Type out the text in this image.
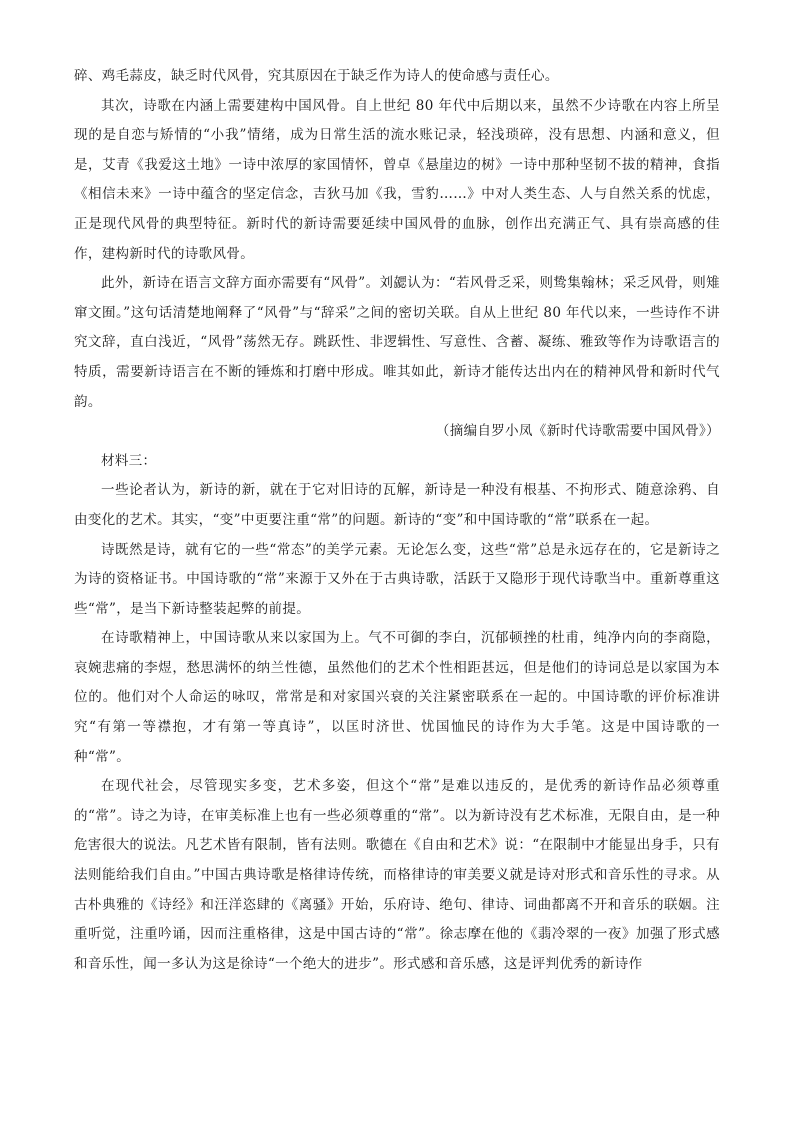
碎、鸡毛蒜皮，缺乏时代风骨，究其原因在于缺乏作为诗人的使命感与责任心。

其次，诗歌在内涵上需要建构中国风骨。自上世纪 80 年代中后期以来，虽然不少诗歌在内容上所呈现的是自恋与矫情的“小我”情绪，成为日常生活的流水账记录，轻浅琐碎，没有思想、内涵和意义，但是，艾青《我爱这土地》一诗中浓厚的家国情怀，曾卓《悬崖边的树》一诗中那种坚韧不拔的精神，食指《相信未来》一诗中蕴含的坚定信念，吉狄马加《我，雪豹……》中对人类生态、人与自然关系的忧虑，正是现代风骨的典型特征。新时代的新诗需要延续中国风骨的血脉，创作出充满正气、具有崇高感的佳作，建构新时代的诗歌风骨。

此外，新诗在语言文辞方面亦需要有“风骨”。刘勰认为：“若风骨乏采，则鸷集翰林；采乏风骨，则雉窜文囿。”这句话清楚地阐释了“风骨”与“辞采”之间的密切关联。自从上世纪 80 年代以来，一些诗作不讲究文辞，直白浅近，“风骨”荡然无存。跳跃性、非逻辑性、写意性、含蓄、凝练、雅致等作为诗歌语言的特质，需要新诗语言在不断的锤炼和打磨中形成。唯其如此，新诗才能传达出内在的精神风骨和新时代气韵。

（摘编自罗小凤《新时代诗歌需要中国风骨》）

材料三：

一些论者认为，新诗的新，就在于它对旧诗的瓦解，新诗是一种没有根基、不拘形式、随意涂鸦、自由变化的艺术。其实，“变”中更要注重“常”的问题。新诗的“变”和中国诗歌的“常”联系在一起。

诗既然是诗，就有它的一些“常态”的美学元素。无论怎么变，这些“常”总是永远存在的，它是新诗之为诗的资格证书。中国诗歌的“常”来源于又外在于古典诗歌，活跃于又隐形于现代诗歌当中。重新尊重这些“常”，是当下新诗整装起弊的前提。

在诗歌精神上，中国诗歌从来以家国为上。气不可御的李白，沉郁顿挫的杜甫，纯净内向的李商隐，哀婉悲痛的李煜，愁思满怀的纳兰性德，虽然他们的艺术个性相距甚远，但是他们的诗词总是以家国为本位的。他们对个人命运的咏叹，常常是和对家国兴衰的关注紧密联系在一起的。中国诗歌的评价标准讲究“有第一等襟抱，才有第一等真诗”，以匡时济世、忧国恤民的诗作为大手笔。这是中国诗歌的一种“常”。

在现代社会，尽管现实多变，艺术多姿，但这个“常”是难以违反的，是优秀的新诗作品必须尊重的“常”。诗之为诗，在审美标准上也有一些必须尊重的“常”。以为新诗没有艺术标准，无限自由，是一种危害很大的说法。凡艺术皆有限制，皆有法则。歌德在《自由和艺术》说：“在限制中才能显出身手，只有法则能给我们自由。”中国古典诗歌是格律诗传统，而格律诗的审美要义就是诗对形式和音乐性的寻求。从古朴典雅的《诗经》和汪洋恣肆的《离骚》开始，乐府诗、绝句、律诗、词曲都离不开和音乐的联姻。注重听觉，注重吟诵，因而注重格律，这是中国古诗的“常”。徐志摩在他的《翡冷翠的一夜》加强了形式感和音乐性，闻一多认为这是徐诗“一个绝大的进步”。形式感和音乐感，这是评判优秀的新诗作
